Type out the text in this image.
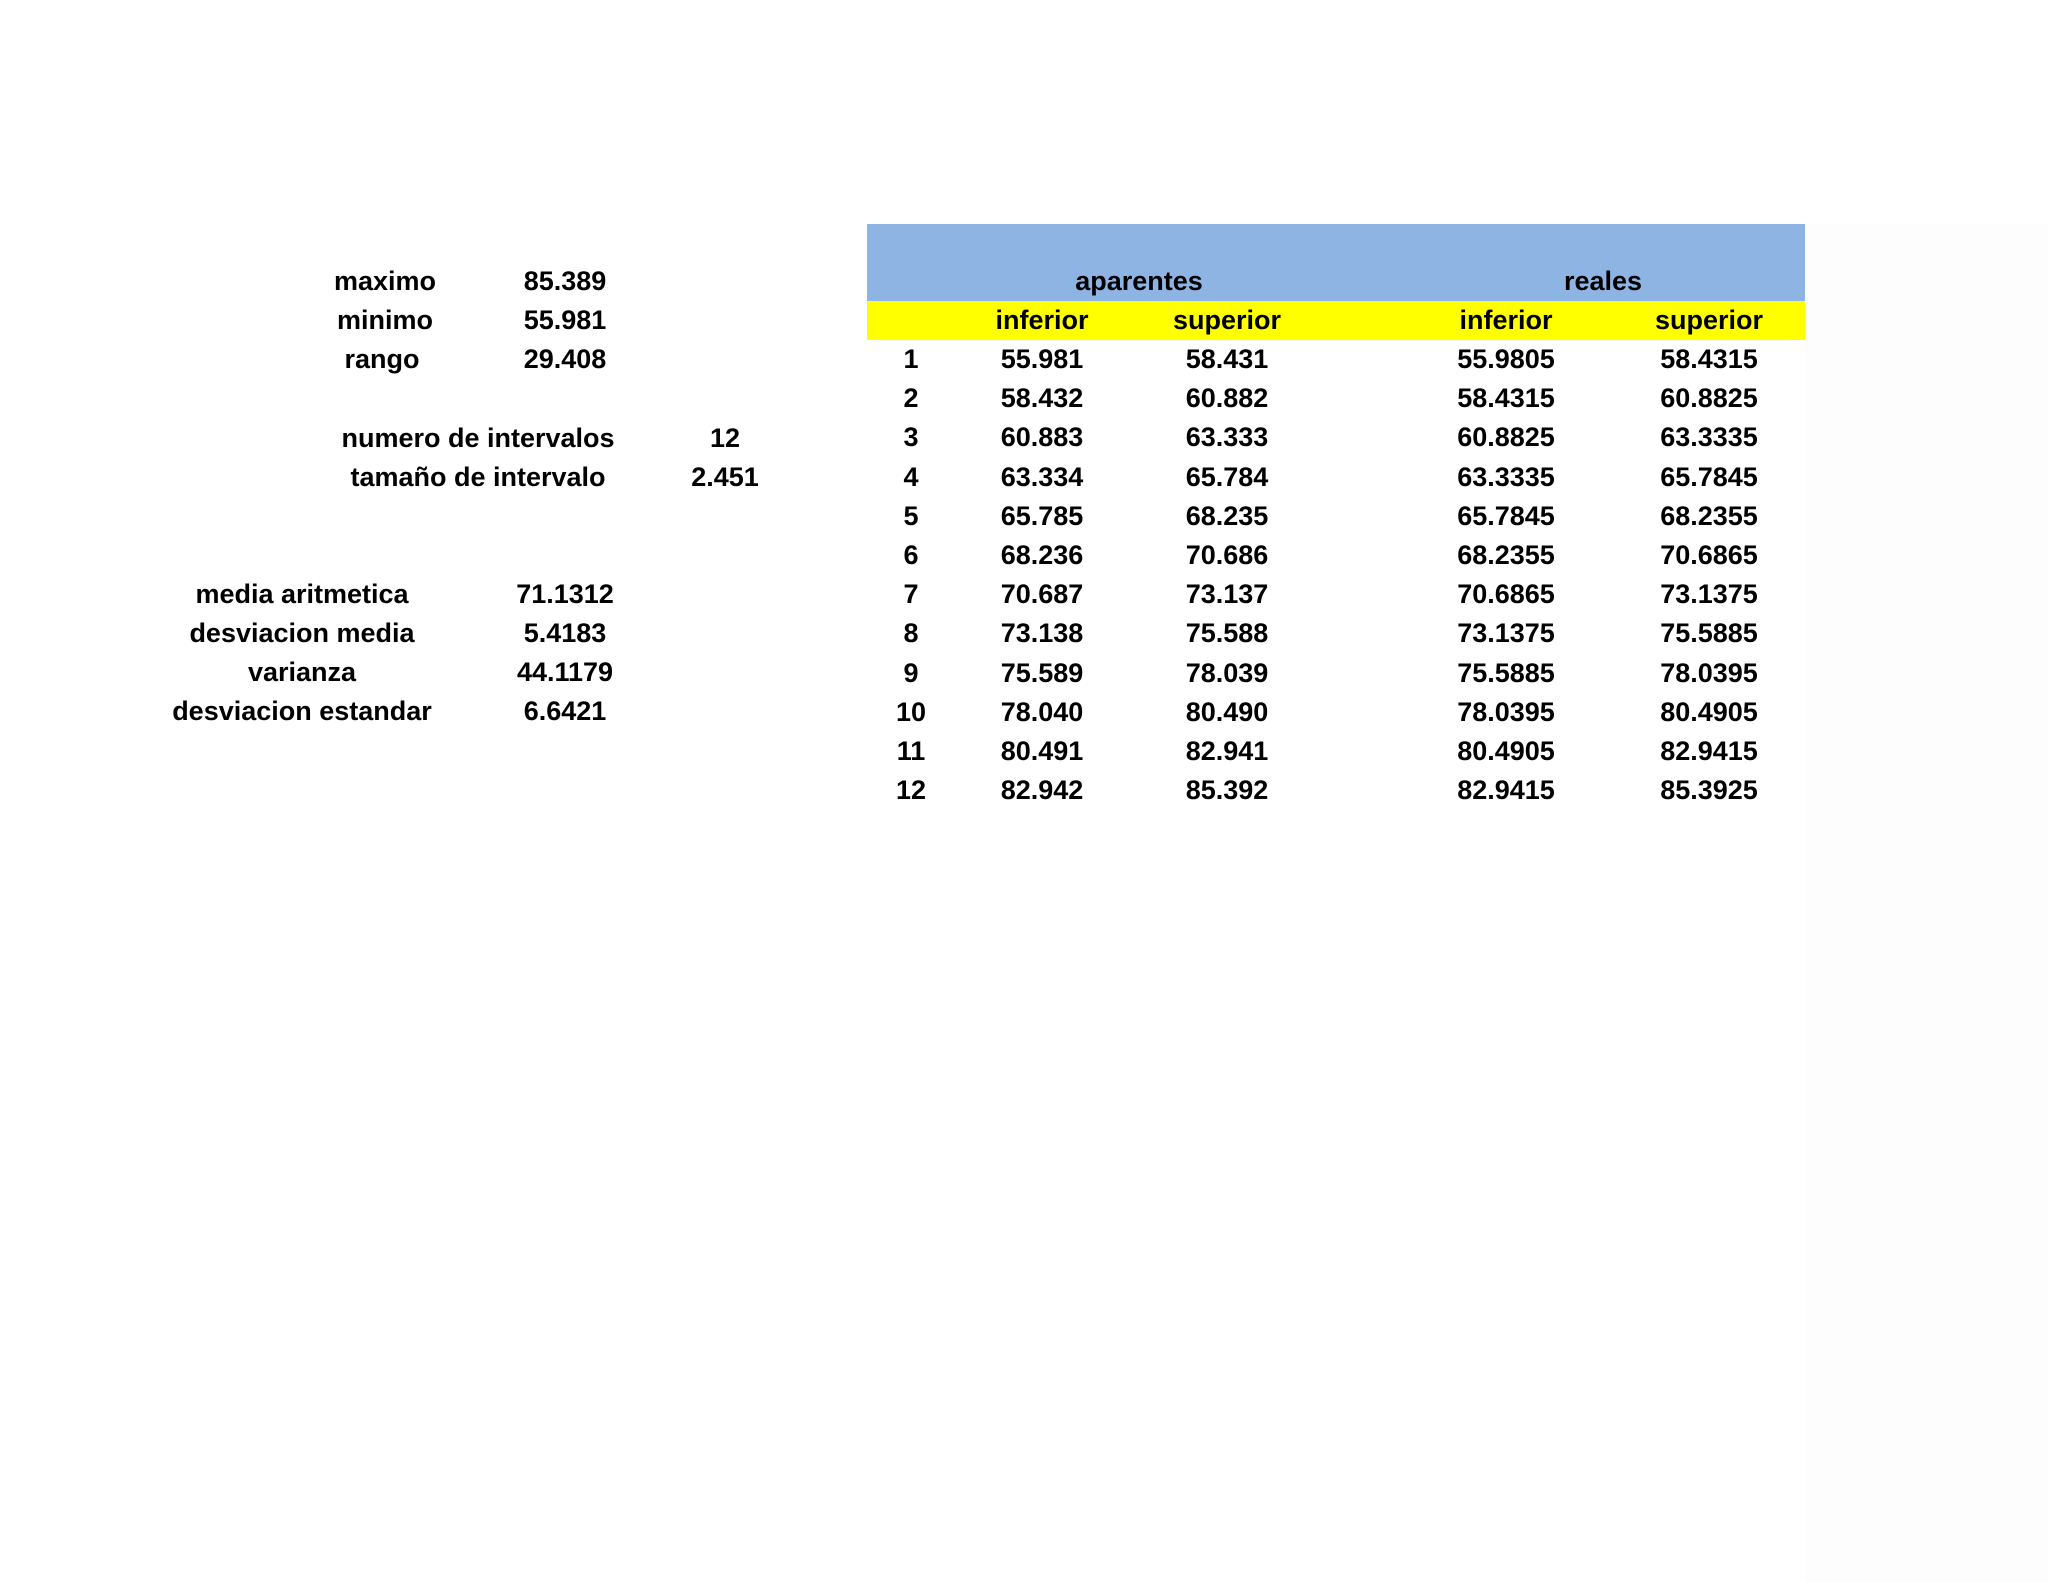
maximo	85.389
minimo	55.981
rango	29.408
numero de intervalos	12
tamaño de intervalo	2.451
media aritmetica	71.1312
desviacion media	5.4183
varianza	44.1179
desviacion estandar	6.6421
aparentes	reales
inferior	superior	inferior	superior
1	55.981	58.431	55.9805	58.4315
2	58.432	60.882	58.4315	60.8825
3	60.883	63.333	60.8825	63.3335
4	63.334	65.784	63.3335	65.7845
5	65.785	68.235	65.7845	68.2355
6	68.236	70.686	68.2355	70.6865
7	70.687	73.137	70.6865	73.1375
8	73.138	75.588	73.1375	75.5885
9	75.589	78.039	75.5885	78.0395
10	78.040	80.490	78.0395	80.4905
11	80.491	82.941	80.4905	82.9415
12	82.942	85.392	82.9415	85.3925
